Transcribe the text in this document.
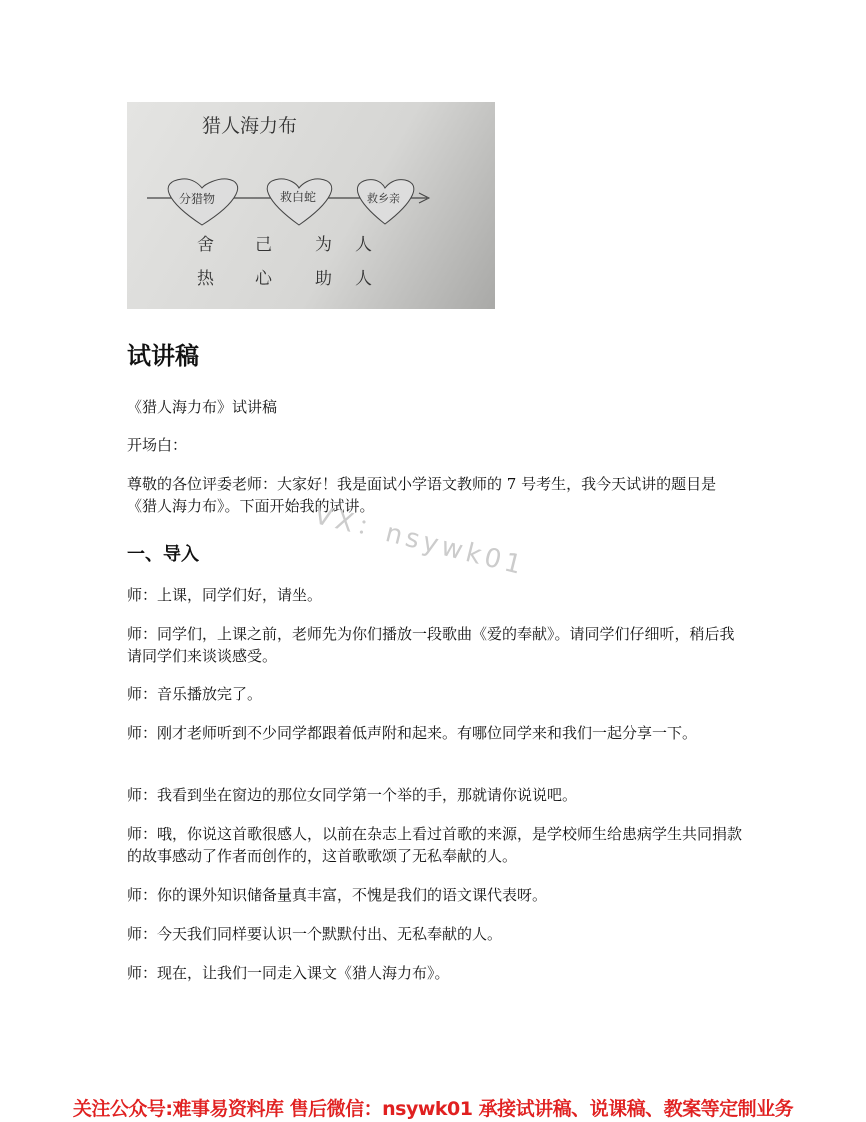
猎人海力布
分猎物	救白蛇	救乡亲
舍 己	为 人
热 心	助 人
试讲稿
《猎人海力布》试讲稿
开场白：
尊敬的各位评委老师：大家好！我是面试小学语文教师的 7 号考生，我今天试讲的题目是《猎人海力布》。下面开始我的试讲。
VX：nsywk01
一、导入
师：上课，同学们好，请坐。
师：同学们，上课之前，老师先为你们播放一段歌曲《爱的奉献》。请同学们仔细听，稍后我请同学们来谈谈感受。
师：音乐播放完了。
师：刚才老师听到不少同学都跟着低声附和起来。有哪位同学来和我们一起分享一下。
师：我看到坐在窗边的那位女同学第一个举的手，那就请你说说吧。
师：哦，你说这首歌很感人，以前在杂志上看过首歌的来源，是学校师生给患病学生共同捐款的故事感动了作者而创作的，这首歌歌颂了无私奉献的人。
师：你的课外知识储备量真丰富，不愧是我们的语文课代表呀。
师：今天我们同样要认识一个默默付出、无私奉献的人。
师：现在，让我们一同走入课文《猎人海力布》。
关注公众号:难事易资料库 售后微信：nsywk01 承接试讲稿、说课稿、教案等定制业务
